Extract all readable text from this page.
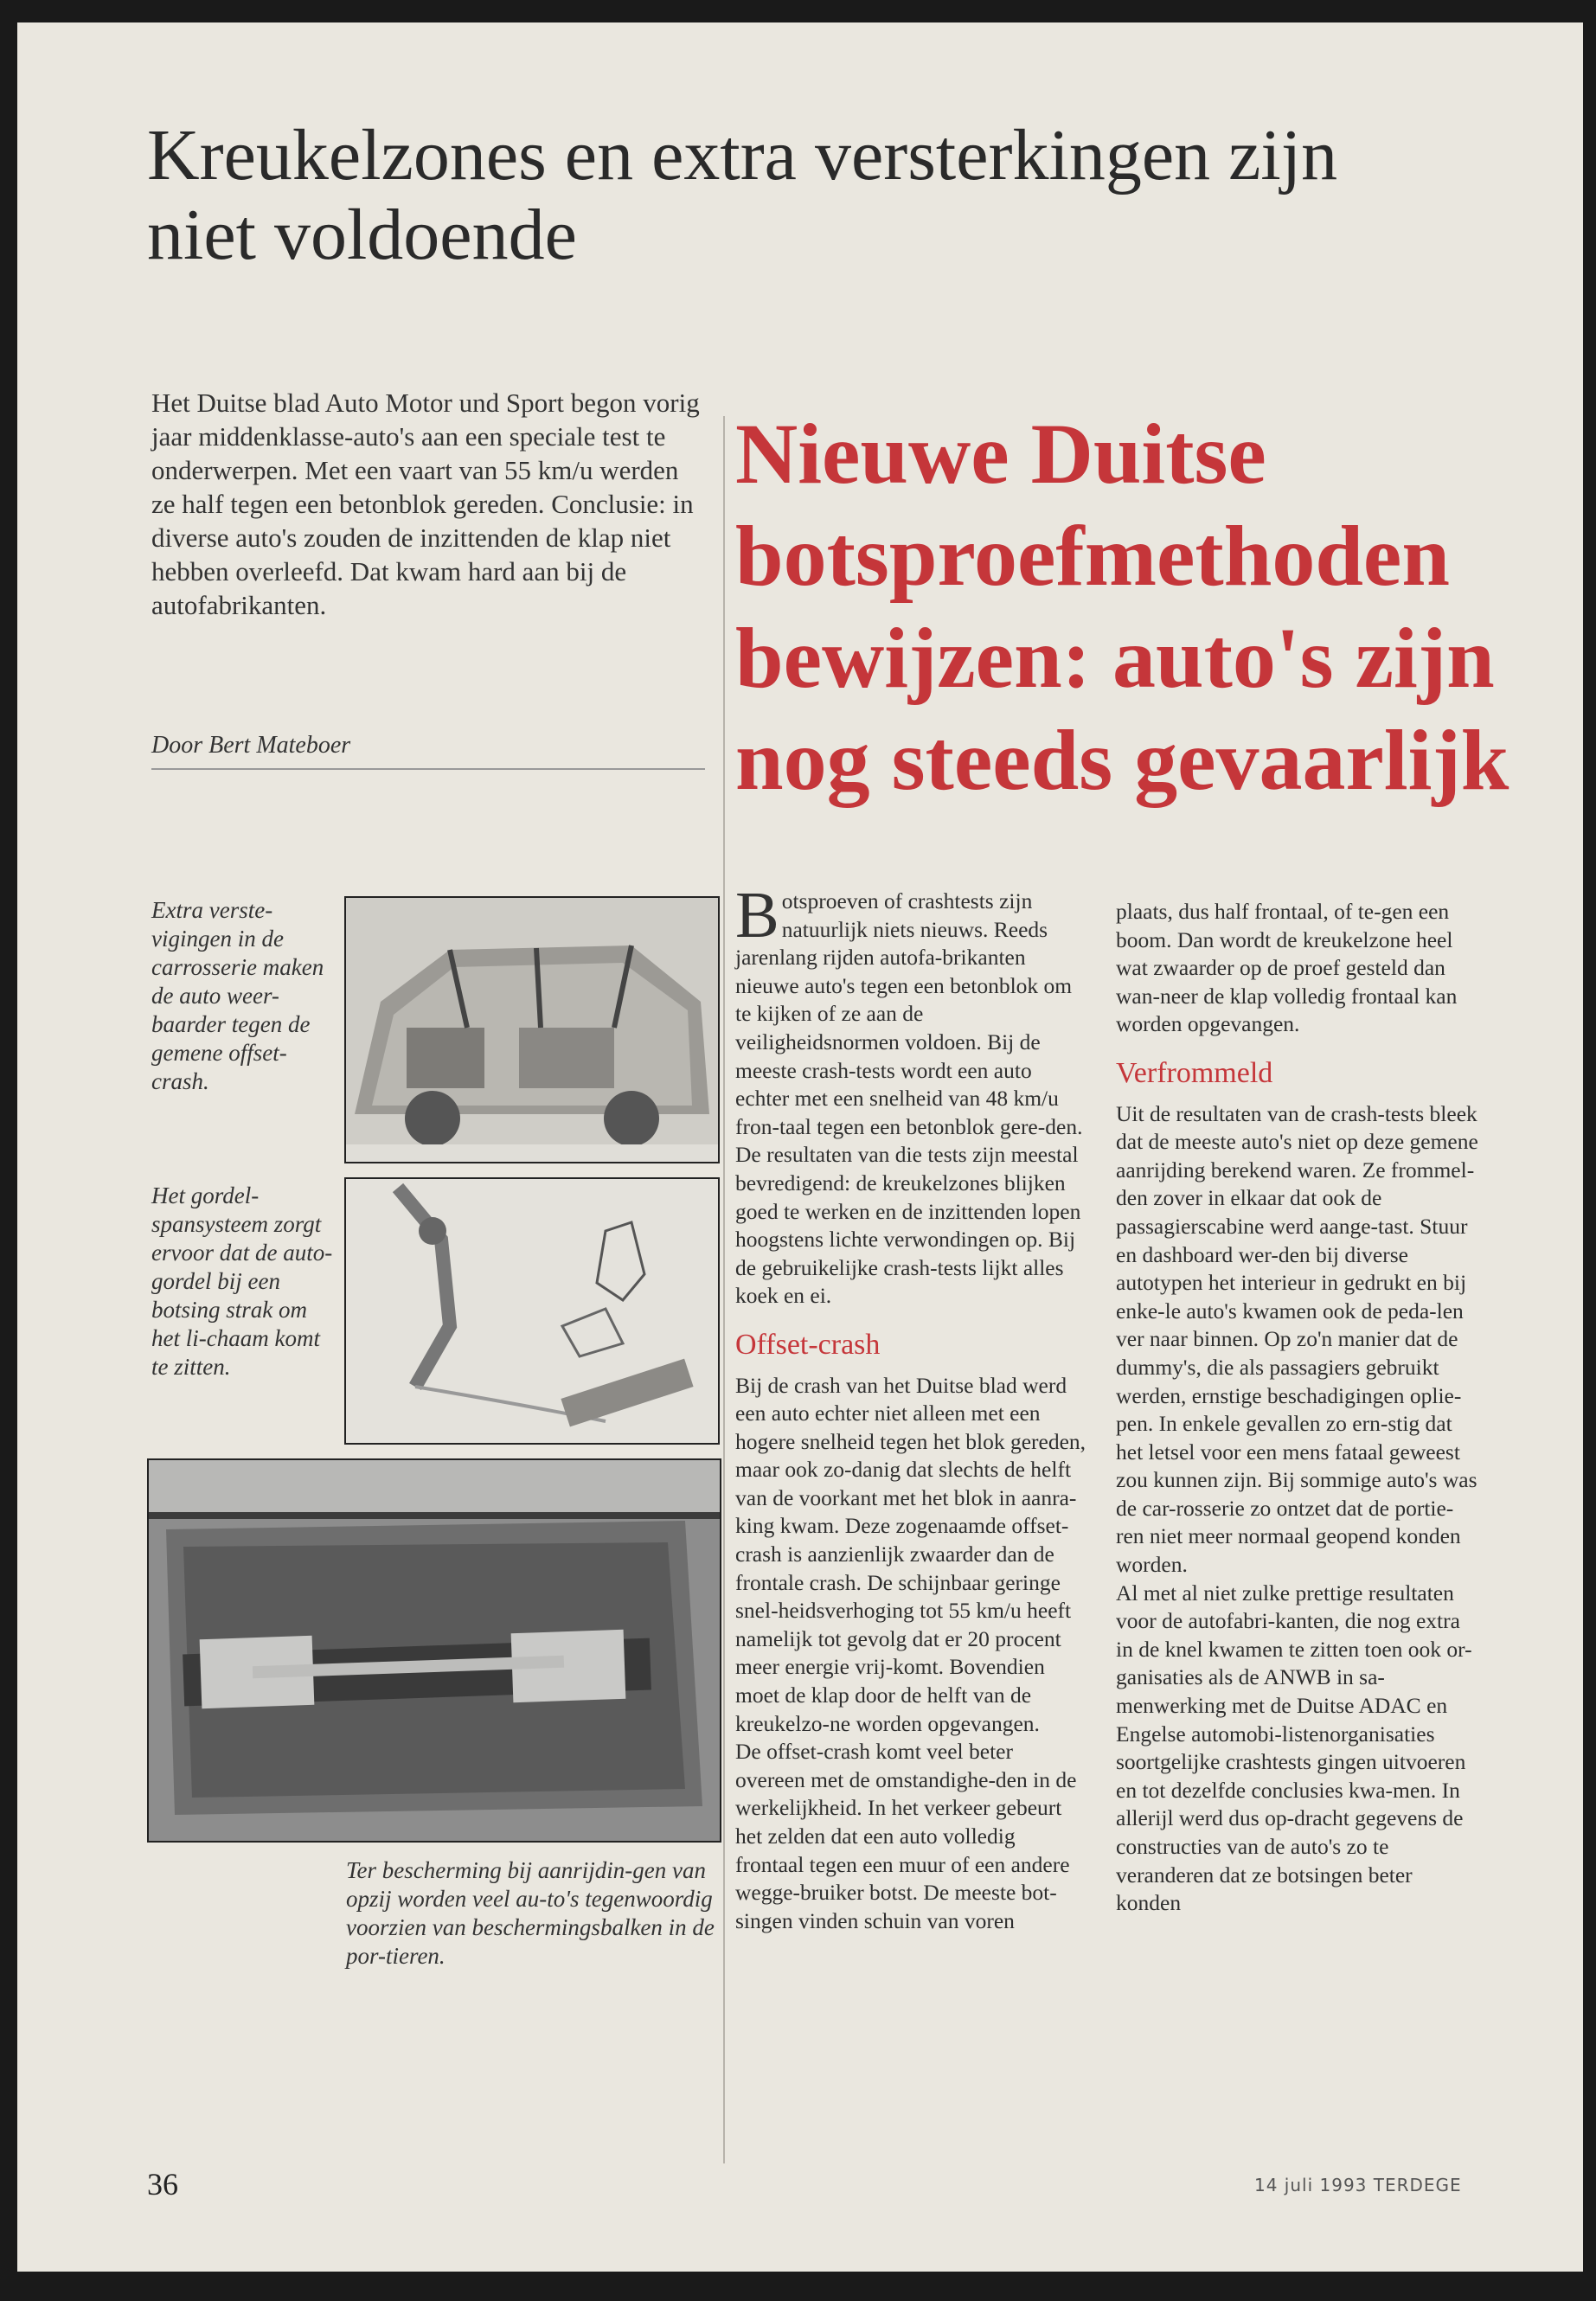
Kreukelzones en extra versterkingen zijn niet voldoende
Het Duitse blad Auto Motor und Sport begon vorig jaar middenklasse-auto's aan een speciale test te onderwerpen. Met een vaart van 55 km/u werden ze half tegen een betonblok gereden. Conclusie: in diverse auto's zouden de inzittenden de klap niet hebben overleefd. Dat kwam hard aan bij de autofabrikanten.
Door Bert Mateboer
Nieuwe Duitse botsproefmethoden bewijzen: auto's zijn nog steeds gevaarlijk
Extra verste-vigingen in de carrosserie maken de auto weer-baarder tegen de gemene offset-crash.
Het gordel-spansysteem zorgt ervoor dat de auto-gordel bij een botsing strak om het li-chaam komt te zitten.
Ter bescherming bij aanrijdin-gen van opzij worden veel au-to's tegenwoordig voorzien van beschermingsbalken in de por-tieren.

Botsproeven of crashtests zijn natuurlijk niets nieuws. Reeds jarenlang rijden autofa-brikanten nieuwe auto's tegen een betonblok om te kijken of ze aan de veiligheidsnormen voldoen. Bij de meeste crash-tests wordt een auto echter met een snelheid van 48 km/u fron-taal tegen een betonblok gere-den. De resultaten van die tests zijn meestal bevredigend: de kreukelzones blijken goed te werken en de inzittenden lopen hoogstens lichte verwondingen op. Bij de gebruikelijke crash-tests lijkt alles koek en ei.

Offset-crash

Bij de crash van het Duitse blad werd een auto echter niet alleen met een hogere snelheid tegen het blok gereden, maar ook zo-danig dat slechts de helft van de voorkant met het blok in aanra-king kwam. Deze zogenaamde offset-crash is aanzienlijk zwaarder dan de frontale crash. De schijnbaar geringe snel-heidsverhoging tot 55 km/u heeft namelijk tot gevolg dat er 20 procent meer energie vrij-komt. Bovendien moet de klap door de helft van de kreukelzo-ne worden opgevangen.

De offset-crash komt veel beter overeen met de omstandighe-den in de werkelijkheid. In het verkeer gebeurt het zelden dat een auto volledig frontaal tegen een muur of een andere wegge-bruiker botst. De meeste bot-singen vinden schuin van voren

plaats, dus half frontaal, of te-gen een boom. Dan wordt de kreukelzone heel wat zwaarder op de proef gesteld dan wan-neer de klap volledig frontaal kan worden opgevangen.

Verfrommeld

Uit de resultaten van de crash-tests bleek dat de meeste auto's niet op deze gemene aanrijding berekend waren. Ze frommel-den zover in elkaar dat ook de passagierscabine werd aange-tast. Stuur en dashboard wer-den bij diverse autotypen het interieur in gedrukt en bij enke-le auto's kwamen ook de peda-len ver naar binnen. Op zo'n manier dat de dummy's, die als passagiers gebruikt werden, ernstige beschadigingen oplie-pen. In enkele gevallen zo ern-stig dat het letsel voor een mens fataal geweest zou kunnen zijn. Bij sommige auto's was de car-rosserie zo ontzet dat de portie-ren niet meer normaal geopend konden worden.

Al met al niet zulke prettige resultaten voor de autofabri-kanten, die nog extra in de knel kwamen te zitten toen ook or-ganisaties als de ANWB in sa-menwerking met de Duitse ADAC en Engelse automobi-listenorganisaties soortgelijke crashtests gingen uitvoeren en tot dezelfde conclusies kwa-men. In allerijl werd dus op-dracht gegevens de constructies van de auto's zo te veranderen dat ze botsingen beter konden

36	14 juli 1993 TERDEGE
